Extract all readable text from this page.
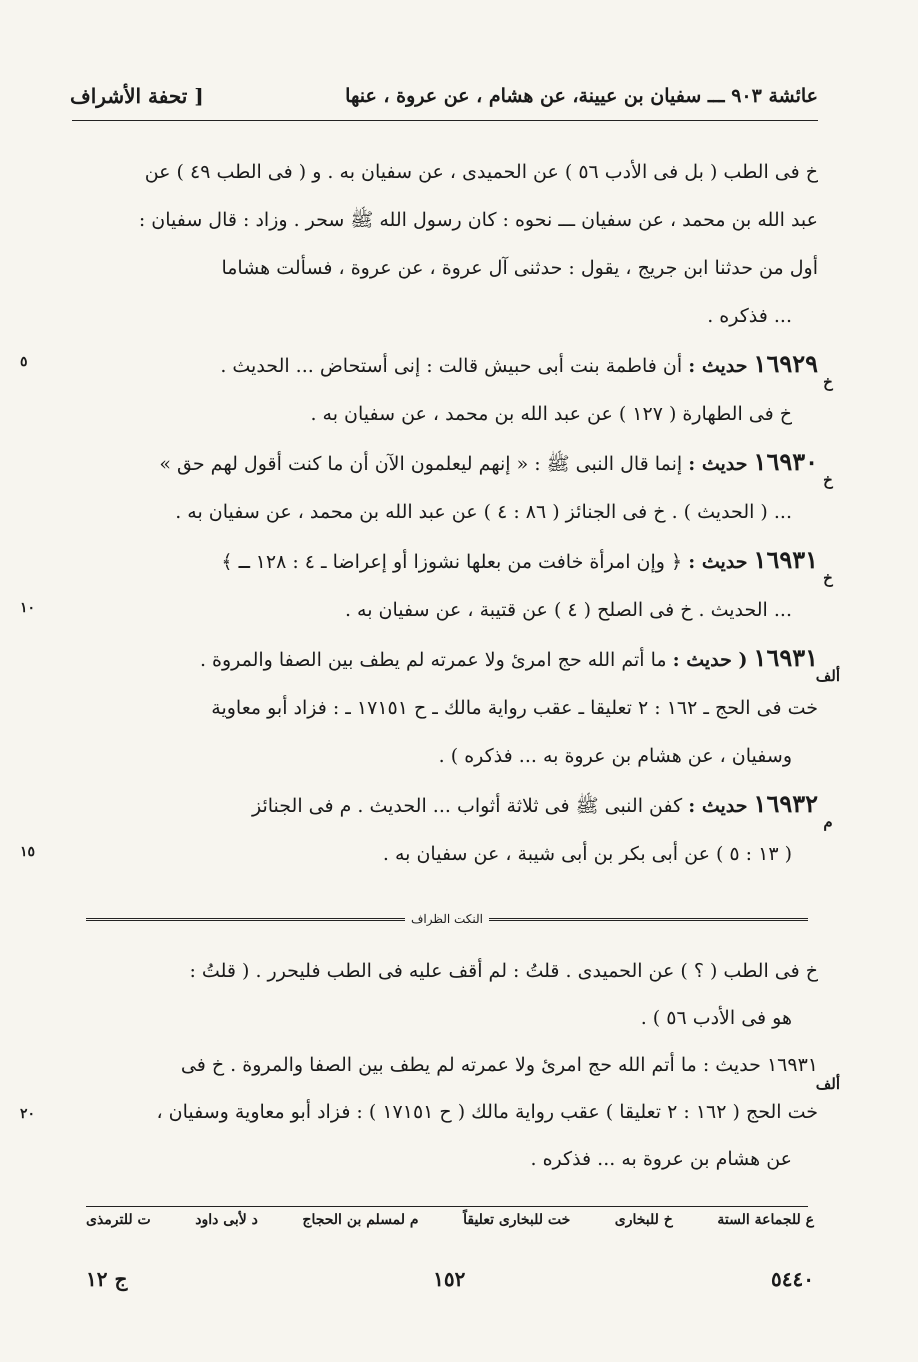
عائشة ٩٠٣ ـــ سفيان بن عيينة، عن هشام ، عن عروة ، عنها
[ تحفة الأشراف

خ فى الطب ( بل فى الأدب ٥٦ ) عن الحميدى ، عن سفيان به . و ( فى الطب ٤٩ ) عن

عبد الله بن محمد ، عن سفيان ـــ نحوه : كان رسول الله ﷺ سحر . وزاد : قال سفيان :

أول من حدثنا ابن جريج ، يقول : حدثنى آل عروة ، عن عروة ، فسألت هشاما

... فذكره .

١٦٩٢٩ حديث : أن فاطمة بنت أبى حبيش قالت : إنى أستحاض ... الحديث .

خ
٥

خ فى الطهارة ( ١٢٧ ) عن عبد الله بن محمد ، عن سفيان به .

١٦٩٣٠ حديث : إنما قال النبى ﷺ : « إنهم ليعلمون الآن أن ما كنت أقول لهم حق »

خ

... ( الحديث ) . خ فى الجنائز ( ٨٦ : ٤ ) عن عبد الله بن محمد ، عن سفيان به .

١٦٩٣١ حديث : ﴿ وإن امرأة خافت من بعلها نشوزا أو إعراضا ـ ٤ : ١٢٨ ـ ﴾

خ
١٠	... الحديث . خ فى الصلح ( ٤ ) عن قتيبة ، عن سفيان به .

١٦٩٣١ ( حديث : ما أتم الله حج امرئ ولا عمرته لم يطف بين الصفا والمروة .

ألف

خت فى الحج ـ ١٦٢ : ٢ تعليقا ـ عقب رواية مالك ـ ح ١٧١٥١ ـ : فزاد أبو معاوية

وسفيان ، عن هشام بن عروة به ... فذكره ) .

١٦٩٣٢ حديث : كفن النبى ﷺ فى ثلاثة أثواب ... الحديث . م فى الجنائز

م
١٥	( ١٣ : ٥ ) عن أبى بكر بن أبى شيبة ، عن سفيان به .

النكت الظراف

خ فى الطب ( ؟ ) عن الحميدى . قلتُ : لم أقف عليه فى الطب فليحرر . ( قلتُ :

هو فى الأدب ٥٦ ) .

١٦٩٣١ حديث : ما أتم الله حج امرئ ولا عمرته لم يطف بين الصفا والمروة . خ فى

ألف

خت الحج ( ١٦٢ : ٢ تعليقا ) عقب رواية مالك ( ح ١٧١٥١ ) : فزاد أبو معاوية وسفيان ،

٢٠

عن هشام بن عروة به ... فذكره .

ع للجماعة الستة
خ للبخارى
خت للبخارى تعليقاً
م لمسلم بن الحجاج
د لأبى داود
ت للترمذى
٥٤٤٠
١٥٢
ج ١٢
